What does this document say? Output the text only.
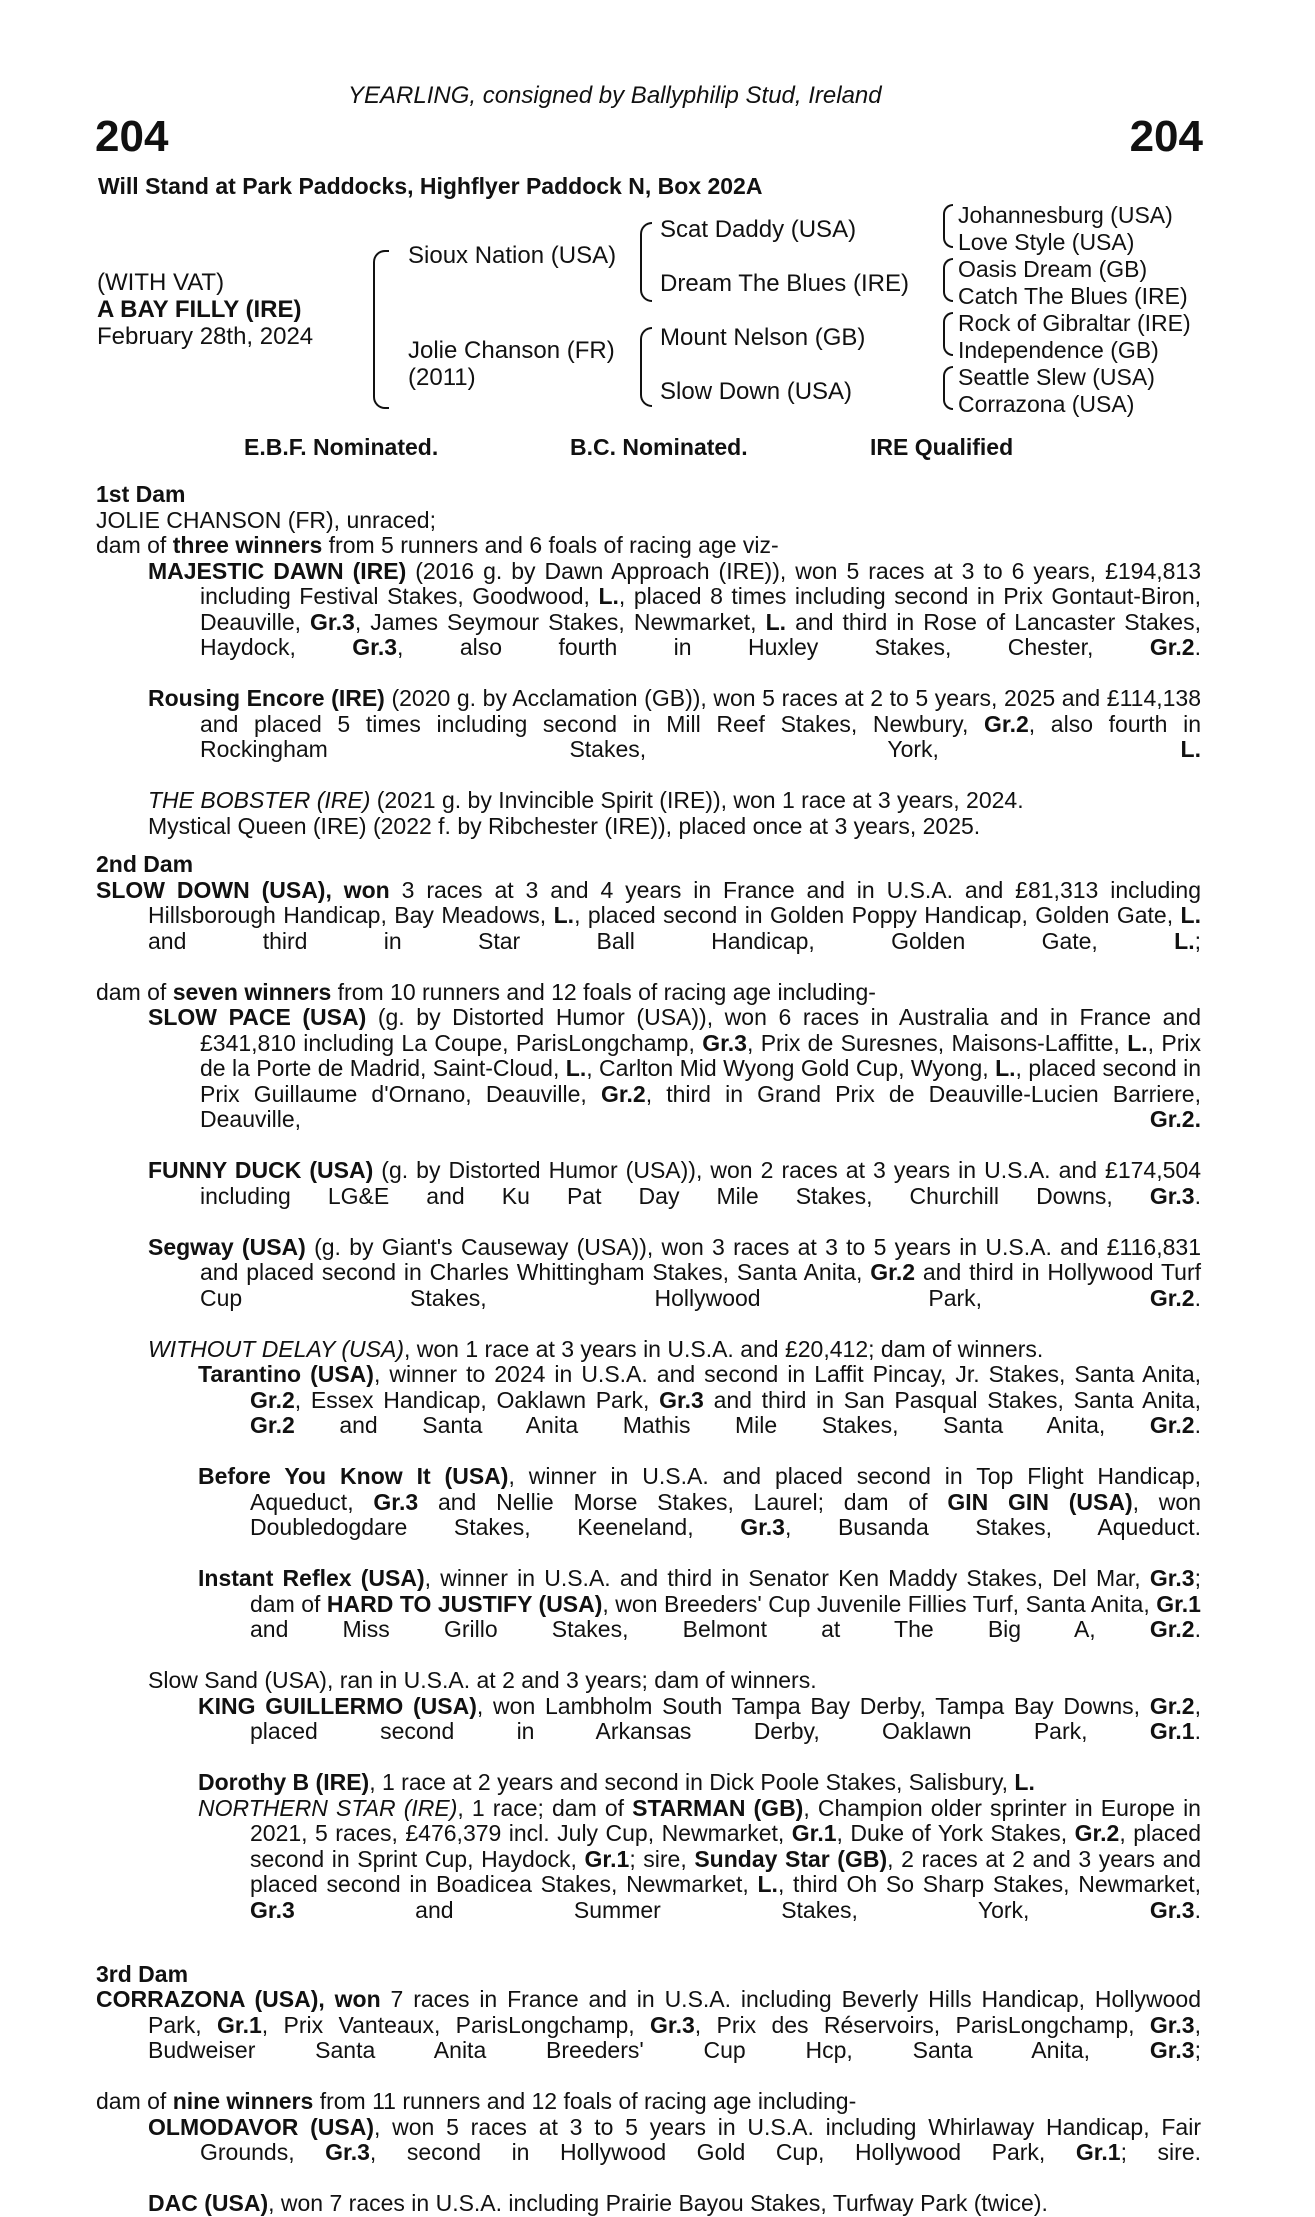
YEARLING, consigned by Ballyphilip Stud, Ireland
204	204
Will Stand at Park Paddocks, Highflyer Paddock N, Box 202A
(WITH VAT)
A BAY FILLY (IRE)
February 28th, 2024
Sioux Nation (USA)
Jolie Chanson (FR)
(2011)
Scat Daddy (USA)
Dream The Blues (IRE)
Mount Nelson (GB)
Slow Down (USA)
Johannesburg (USA)
Love Style (USA)
Oasis Dream (GB)
Catch The Blues (IRE)
Rock of Gibraltar (IRE)
Independence (GB)
Seattle Slew (USA)
Corrazona (USA)
E.B.F. Nominated.	B.C. Nominated.	IRE Qualified
1st Dam
JOLIE CHANSON (FR), unraced;
dam of three winners from 5 runners and 6 foals of racing age viz-
MAJESTIC DAWN (IRE) (2016 g. by Dawn Approach (IRE)), won 5 races at 3 to 6 years, £194,813 including Festival Stakes, Goodwood, L., placed 8 times including second in Prix Gontaut-Biron, Deauville, Gr.3, James Seymour Stakes, Newmarket, L. and third in Rose of Lancaster Stakes, Haydock, Gr.3, also fourth in Huxley Stakes, Chester, Gr.2.
Rousing Encore (IRE) (2020 g. by Acclamation (GB)), won 5 races at 2 to 5 years, 2025 and £114,138 and placed 5 times including second in Mill Reef Stakes, Newbury, Gr.2, also fourth in Rockingham Stakes, York, L.
THE BOBSTER (IRE) (2021 g. by Invincible Spirit (IRE)), won 1 race at 3 years, 2024.
Mystical Queen (IRE) (2022 f. by Ribchester (IRE)), placed once at 3 years, 2025.
2nd Dam
SLOW DOWN (USA), won 3 races at 3 and 4 years in France and in U.S.A. and £81,313 including Hillsborough Handicap, Bay Meadows, L., placed second in Golden Poppy Handicap, Golden Gate, L. and third in Star Ball Handicap, Golden Gate, L.;
dam of seven winners from 10 runners and 12 foals of racing age including-
SLOW PACE (USA) (g. by Distorted Humor (USA)), won 6 races in Australia and in France and £341,810 including La Coupe, ParisLongchamp, Gr.3, Prix de Suresnes, Maisons-Laffitte, L., Prix de la Porte de Madrid, Saint-Cloud, L., Carlton Mid Wyong Gold Cup, Wyong, L., placed second in Prix Guillaume d'Ornano, Deauville, Gr.2, third in Grand Prix de Deauville-Lucien Barriere, Deauville, Gr.2.
FUNNY DUCK (USA) (g. by Distorted Humor (USA)), won 2 races at 3 years in U.S.A. and £174,504 including LG&E and Ku Pat Day Mile Stakes, Churchill Downs, Gr.3.
Segway (USA) (g. by Giant's Causeway (USA)), won 3 races at 3 to 5 years in U.S.A. and £116,831 and placed second in Charles Whittingham Stakes, Santa Anita, Gr.2 and third in Hollywood Turf Cup Stakes, Hollywood Park, Gr.2.
WITHOUT DELAY (USA), won 1 race at 3 years in U.S.A. and £20,412; dam of winners.
Tarantino (USA), winner to 2024 in U.S.A. and second in Laffit Pincay, Jr. Stakes, Santa Anita, Gr.2, Essex Handicap, Oaklawn Park, Gr.3 and third in San Pasqual Stakes, Santa Anita, Gr.2 and Santa Anita Mathis Mile Stakes, Santa Anita, Gr.2.
Before You Know It (USA), winner in U.S.A. and placed second in Top Flight Handicap, Aqueduct, Gr.3 and Nellie Morse Stakes, Laurel; dam of GIN GIN (USA), won Doubledogdare Stakes, Keeneland, Gr.3, Busanda Stakes, Aqueduct.
Instant Reflex (USA), winner in U.S.A. and third in Senator Ken Maddy Stakes, Del Mar, Gr.3; dam of HARD TO JUSTIFY (USA), won Breeders' Cup Juvenile Fillies Turf, Santa Anita, Gr.1 and Miss Grillo Stakes, Belmont at The Big A, Gr.2.
Slow Sand (USA), ran in U.S.A. at 2 and 3 years; dam of winners.
KING GUILLERMO (USA), won Lambholm South Tampa Bay Derby, Tampa Bay Downs, Gr.2, placed second in Arkansas Derby, Oaklawn Park, Gr.1.
Dorothy B (IRE), 1 race at 2 years and second in Dick Poole Stakes, Salisbury, L.
NORTHERN STAR (IRE), 1 race; dam of STARMAN (GB), Champion older sprinter in Europe in 2021, 5 races, £476,379 incl. July Cup, Newmarket, Gr.1, Duke of York Stakes, Gr.2, placed second in Sprint Cup, Haydock, Gr.1; sire, Sunday Star (GB), 2 races at 2 and 3 years and placed second in Boadicea Stakes, Newmarket, L., third Oh So Sharp Stakes, Newmarket, Gr.3 and Summer Stakes, York, Gr.3.
3rd Dam
CORRAZONA (USA), won 7 races in France and in U.S.A. including Beverly Hills Handicap, Hollywood Park, Gr.1, Prix Vanteaux, ParisLongchamp, Gr.3, Prix des Réservoirs, ParisLongchamp, Gr.3, Budweiser Santa Anita Breeders' Cup Hcp, Santa Anita, Gr.3;
dam of nine winners from 11 runners and 12 foals of racing age including-
OLMODAVOR (USA), won 5 races at 3 to 5 years in U.S.A. including Whirlaway Handicap, Fair Grounds, Gr.3, second in Hollywood Gold Cup, Hollywood Park, Gr.1; sire.
DAC (USA), won 7 races in U.S.A. including Prairie Bayou Stakes, Turfway Park (twice).
